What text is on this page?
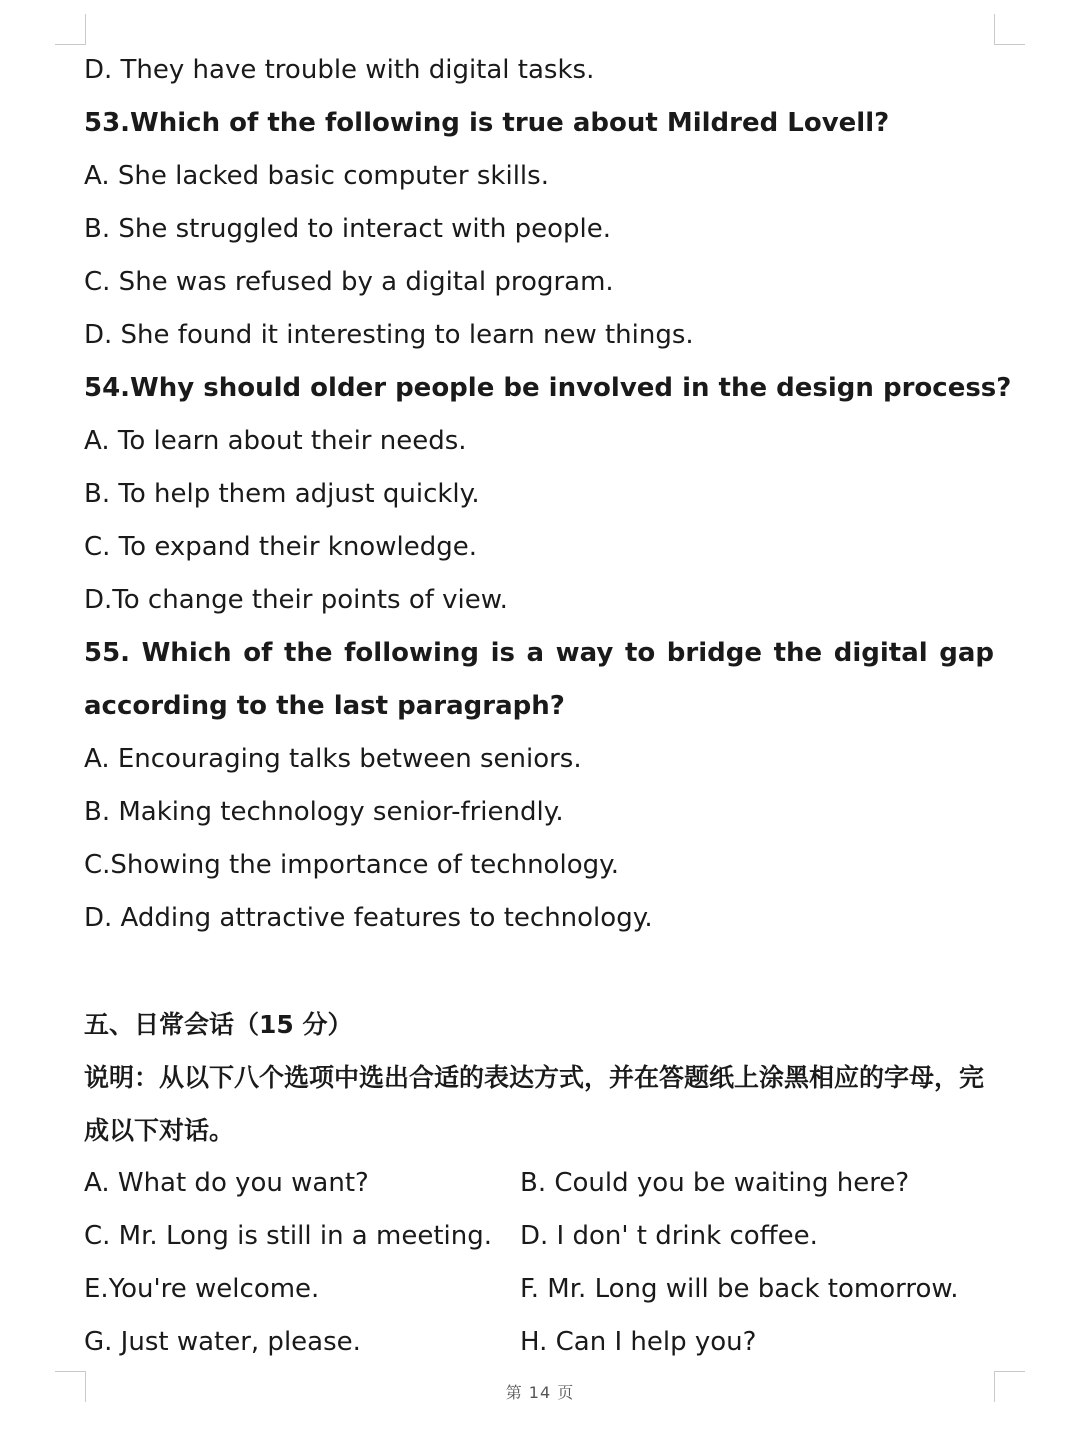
D. They have trouble with digital tasks.
53.Which of the following is true about Mildred Lovell?
A. She lacked basic computer skills.
B. She struggled to interact with people.
C. She was refused by a digital program.
D. She found it interesting to learn new things.
54.Why should older people be involved in the design process?
A. To learn about their needs.
B. To help them adjust quickly.
C. To expand their knowledge.
D.To change their points of view.
55. Which of the following is a way to bridge the digital gap according to the last paragraph?
A. Encouraging talks between seniors.
B. Making technology senior-friendly.
C.Showing the importance of technology.
D. Adding attractive features to technology.
五、日常会话（15 分）
说明：从以下八个选项中选出合适的表达方式，并在答题纸上涂黑相应的字母，完成以下对话。
A. What do you want?	B. Could you be waiting here?
C. Mr. Long is still in a meeting.	D. I don' t drink coffee.
E.You're welcome.	F. Mr. Long will be back tomorrow.
G. Just water, please.	H. Can I help you?
第 14 页
